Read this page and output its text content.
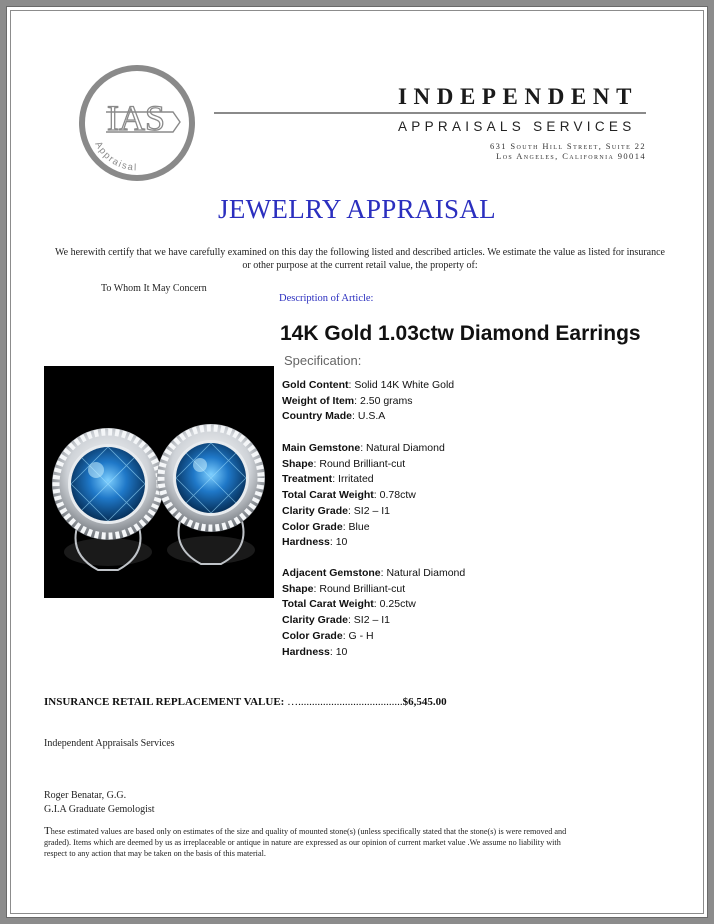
IAS
Appraisal
INDEPENDENT
APPRAISALS SERVICES
631 South Hill Street, Suite 22
Los Angeles, California 90014
JEWELRY APPRAISAL
We herewith certify that we have carefully examined on this day the following listed and described articles. We estimate the value as listed for insurance or other purpose at the current retail value, the property of:
To Whom It May Concern
Description of Article:
14K Gold 1.03ctw Diamond Earrings
Specification:
Gold Content: Solid 14K White Gold
Weight of Item: 2.50 grams
Country Made: U.S.A
Main Gemstone: Natural Diamond
Shape: Round Brilliant-cut
Treatment: Irritated
Total Carat Weight: 0.78ctw
Clarity Grade: SI2 – I1
Color Grade: Blue
Hardness: 10
Adjacent Gemstone: Natural Diamond
Shape: Round Brilliant-cut
Total Carat Weight: 0.25ctw
Clarity Grade: SI2 – I1
Color Grade: G - H
Hardness: 10
INSURANCE RETAIL REPLACEMENT VALUE: …......................................$6,545.00
Independent Appraisals Services
Roger Benatar, G.G.
G.I.A Graduate Gemologist
These estimated values are based only on estimates of the size and quality of mounted stone(s) (unless specifically stated that the stone(s) is were removed and graded). Items which are deemed by us as irreplaceable or antique in nature are expressed as our opinion of current market value .We assume no liability with respect to any action that may be taken on the basis of this material.
